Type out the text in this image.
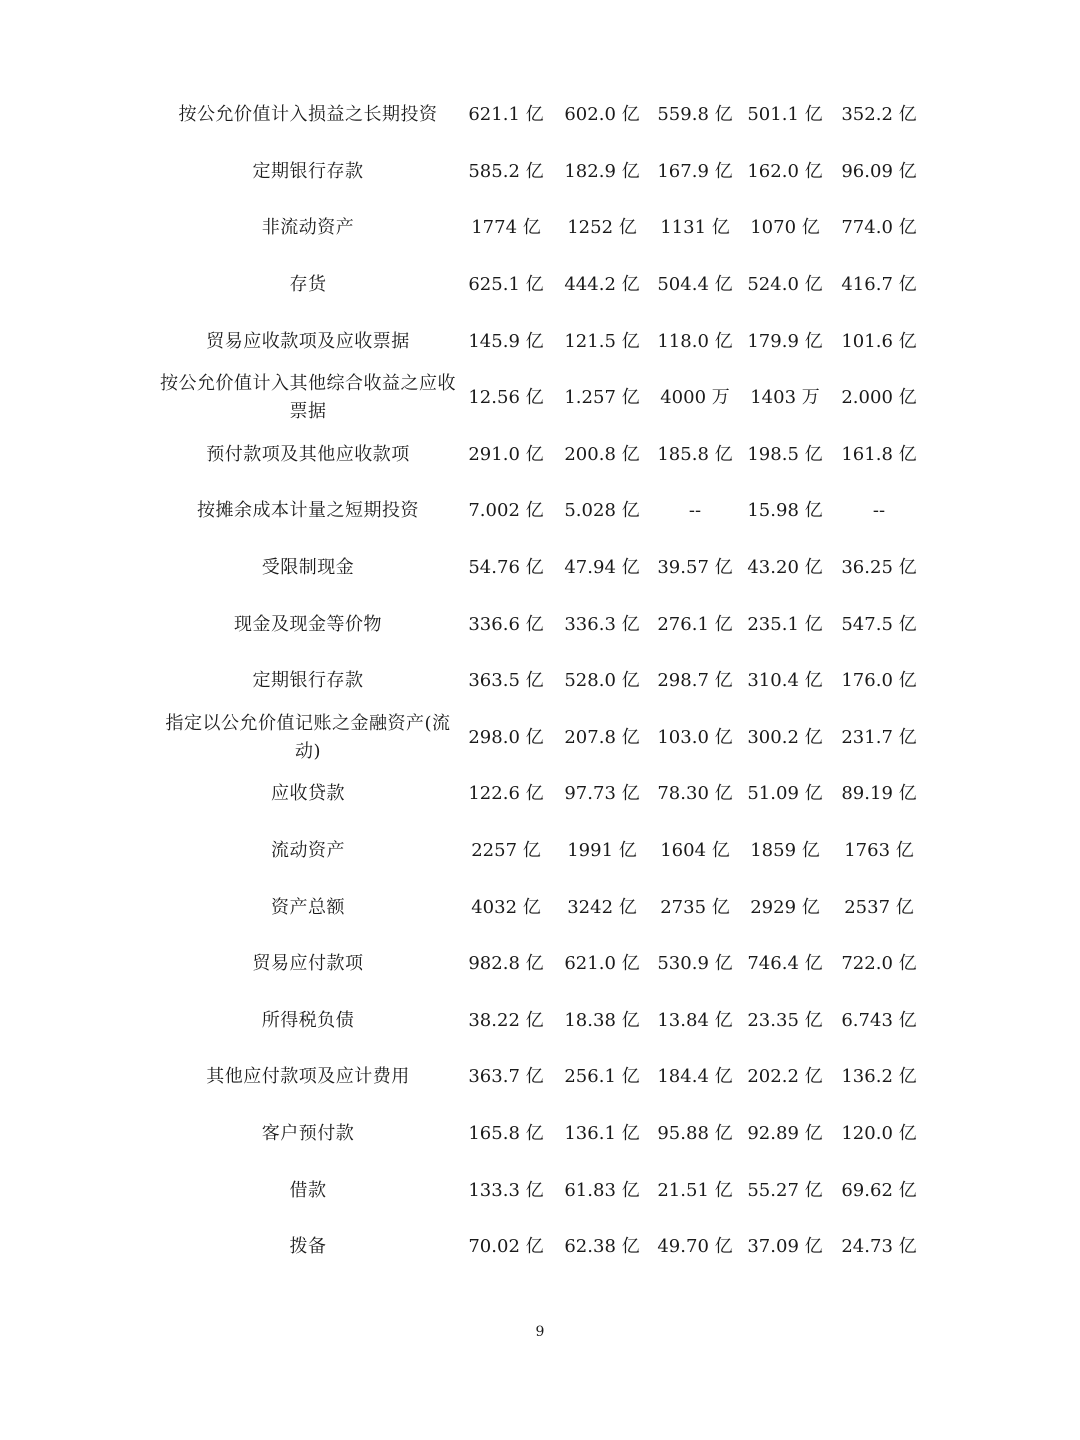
按公允价值计入损益之长期投资	621.1 亿	602.0 亿	559.8 亿	501.1 亿	352.2 亿
定期银行存款	585.2 亿	182.9 亿	167.9 亿	162.0 亿	96.09 亿
非流动资产	1774 亿	1252 亿	1131 亿	1070 亿	774.0 亿
存货	625.1 亿	444.2 亿	504.4 亿	524.0 亿	416.7 亿
贸易应收款项及应收票据	145.9 亿	121.5 亿	118.0 亿	179.9 亿	101.6 亿
按公允价值计入其他综合收益之应收票据	12.56 亿	1.257 亿	4000 万	1403 万	2.000 亿
预付款项及其他应收款项	291.0 亿	200.8 亿	185.8 亿	198.5 亿	161.8 亿
按摊余成本计量之短期投资	7.002 亿	5.028 亿	--	15.98 亿	--
受限制现金	54.76 亿	47.94 亿	39.57 亿	43.20 亿	36.25 亿
现金及现金等价物	336.6 亿	336.3 亿	276.1 亿	235.1 亿	547.5 亿
定期银行存款	363.5 亿	528.0 亿	298.7 亿	310.4 亿	176.0 亿
指定以公允价值记账之金融资产(流动)	298.0 亿	207.8 亿	103.0 亿	300.2 亿	231.7 亿
应收贷款	122.6 亿	97.73 亿	78.30 亿	51.09 亿	89.19 亿
流动资产	2257 亿	1991 亿	1604 亿	1859 亿	1763 亿
资产总额	4032 亿	3242 亿	2735 亿	2929 亿	2537 亿
贸易应付款项	982.8 亿	621.0 亿	530.9 亿	746.4 亿	722.0 亿
所得税负债	38.22 亿	18.38 亿	13.84 亿	23.35 亿	6.743 亿
其他应付款项及应计费用	363.7 亿	256.1 亿	184.4 亿	202.2 亿	136.2 亿
客户预付款	165.8 亿	136.1 亿	95.88 亿	92.89 亿	120.0 亿
借款	133.3 亿	61.83 亿	21.51 亿	55.27 亿	69.62 亿
拨备	70.02 亿	62.38 亿	49.70 亿	37.09 亿	24.73 亿
9
